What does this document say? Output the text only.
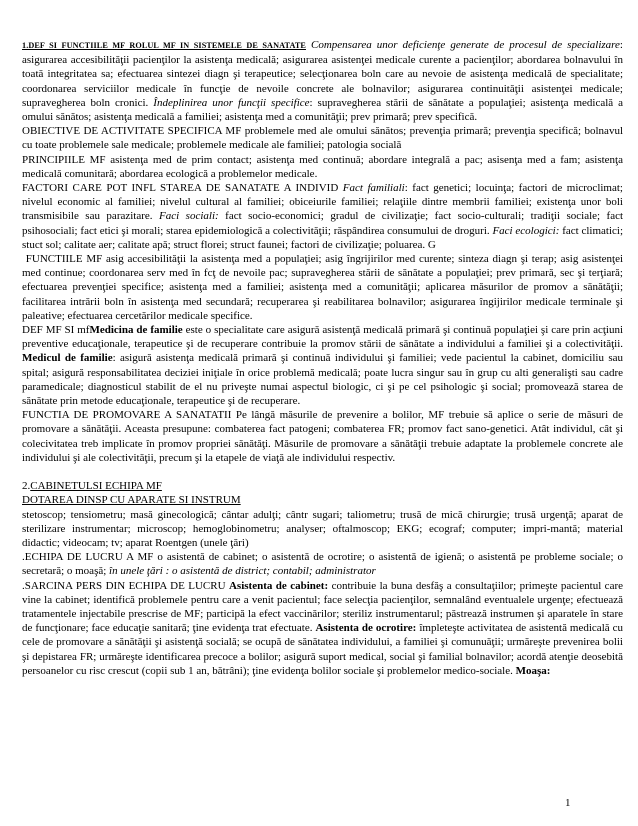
1.DEF SI FUNCTIILE MF ROLUL MF IN SISTEMELE DE SANATATE Compensarea unor deficienţe generate de procesul de specializare: asigurarea accesibilităţii pacienţilor la asistenţa medicală; asigurarea asistenţei medicale curente a pacienţilor; abordarea bolnavului în toată integritatea sa; efectuarea sintezei diagn şi terapeutice; selecţionarea boln care au nevoie de asistenţa medicală de specialitate; coordonarea serviciilor medicale în funcţie de nevoile concrete ale bolnavilor; asigurarea continuităţii asistenţei medicale; supravegherea boln cronici. Îndeplinirea unor funcţii specifice: supravegherea stării de sănătate a populaţiei; asistenţa medicală a omului sănătos; asistenţa medicală a familiei; asistenţa med a comunităţii; prev primară; prev specifică.

OBIECTIVE DE ACTIVITATE SPECIFICA MF problemele med ale omului sănătos; prevenţia primară; prevenţia specifică; bolnavul cu toate problemele sale medicale; problemele medicale ale familiei; patologia socială

PRINCIPIILE MF asistenţa med de prim contact; asistenţa med continuă; abordare integrală a pac; asisenţa med a fam; asistenţa medicală comunitară; abordarea ecologică a problemelor medicale.

FACTORI CARE POT INFL STAREA DE SANATATE A INDIVID Fact familiali: fact genetici; locuinţa; factori de microclimat; nivelul economic al familiei; nivelul cultural al familiei; obiceiurile familiei; relaţiile dintre membrii familiei; existenţa unor boli transmisibile sau parazitare. Faci sociali: fact socio-economici; gradul de civilizaţie; fact socio-culturali; tradiţii sociale; fact psihosociali; fact etici şi morali; starea epidemiologică a colectivităţii; răspândirea consumului de droguri. Faci ecologici: fact climatici; stuct sol; calitate aer; calitate apă; struct florei; struct faunei; factori de civilizaţie; poluarea. G

FUNCTIILE MF asig accesibilităţii la asistenţa med a populaţiei; asig îngrijirilor med curente; sinteza diagn şi terap; asig asistenţei med continue; coordonarea serv med în fcţ de nevoile pac; supravegherea stării de sănătate a populaţiei; prev primară, sec şi terţiară; efectuarea prevenţiei specifice; asistenţa med a familiei; asistenţa med a comunităţii; aplicarea măsurilor de promov a sănătăţii; facilitarea intrării boln în asistenţa med secundară; recuperarea şi reabilitarea bolnavilor; asigurarea îngijirilor medicale terminale şi paleative; efectuarea cercetărilor medicale specifice.

DEF MF SI mfMedicina de familie este o specialitate care asigură asistenţă medicală primară şi continuă populaţiei şi care prin acţiuni preventive educaţionale, terapeutice şi de recuperare contribuie la promov stării de sănătate a individului a familiei şi a colectivităţii. Medicul de familie: asigură asistenţa medicală primară şi continuă individului şi familiei; vede pacientul la cabinet, domiciliu sau spital; asigură responsabilitatea deciziei iniţiale în orice problemă medicală; poate lucra singur sau în grup cu alti generalişti sau cadre paramedicale; diagnosticul stabilit de el nu priveşte numai aspectul biologic, ci şi pe cel psihologic şi social; promovează starea de sănătate prin metode educaţionale, terapeutice şi de recuperare.

FUNCTIA DE PROMOVARE A SANATATII Pe lângă măsurile de prevenire a bolilor, MF trebuie să aplice o serie de măsuri de promovare a sănătăţii. Aceasta presupune: combaterea fact patogeni; combaterea FR; promov fact sano-genetici. Atât individul, cât şi colecivitatea treb implicate în promov propriei sănătăţi. Măsurile de promovare a sănătăţii trebuie adaptate la problemele concrete ale individului şi ale colectivităţii, precum şi la etapele de viaţă ale individului respectiv.

2.CABINETULSI ECHIPA MF

DOTAREA DINSP CU APARATE SI INSTRUM

stetoscop; tensiometru; masă ginecologică; cântar adulţi; cântr sugari; taliometru; trusă de mică chirurgie; trusă urgenţă; aparat de sterilizare instrumentar; microscop; hemoglobinometru; analyser; oftalmoscop; EKG; ecograf; computer; impri-mantă; material didactic; videocam; tv; aparat Roentgen (unele ţări)

.ECHIPA DE LUCRU A MF o asistentă de cabinet; o asistentă de ocrotire; o asistentă de igienă; o asistentă pe probleme sociale; o secretară; o moaşă; în unele ţări : o asistentă de district; contabil; administrator

.SARCINA PERS DIN ECHIPA DE LUCRU Asistenta de cabinet: contribuie la buna desfăş a consultaţiilor; primeşte pacientul care vine la cabinet; identifică problemele pentru care a venit pacientul; face selecţia pacienţilor, semnalând eventualele urgenţe; efectuează tratamentele injectabile prescrise de MF; participă la efect vaccinărilor; steriliz instrumentarul; păstrează instrumen şi aparatele în stare de funcţionare; face educaţie sanitară; ţine evidenţa trat efectuate. Asistenta de ocrotire: împleteşte activitatea de asistentă medicală cu cele de promovare a sănătăţii şi asistenţă socială; se ocupă de sănătatea individului, a familiei şi comunuăţii; urmăreşte prevenirea bolii şi depistarea FR; urmăreşte identificarea precoce a bolilor; asigură suport medical, social şi familial bolnavilor; acordă atenţie deosebită persoanelor cu risc crescut (copii sub 1 an, bătrâni); ţine evidenţa bolilor sociale şi problemelor medico-sociale. Moaşa:

1
